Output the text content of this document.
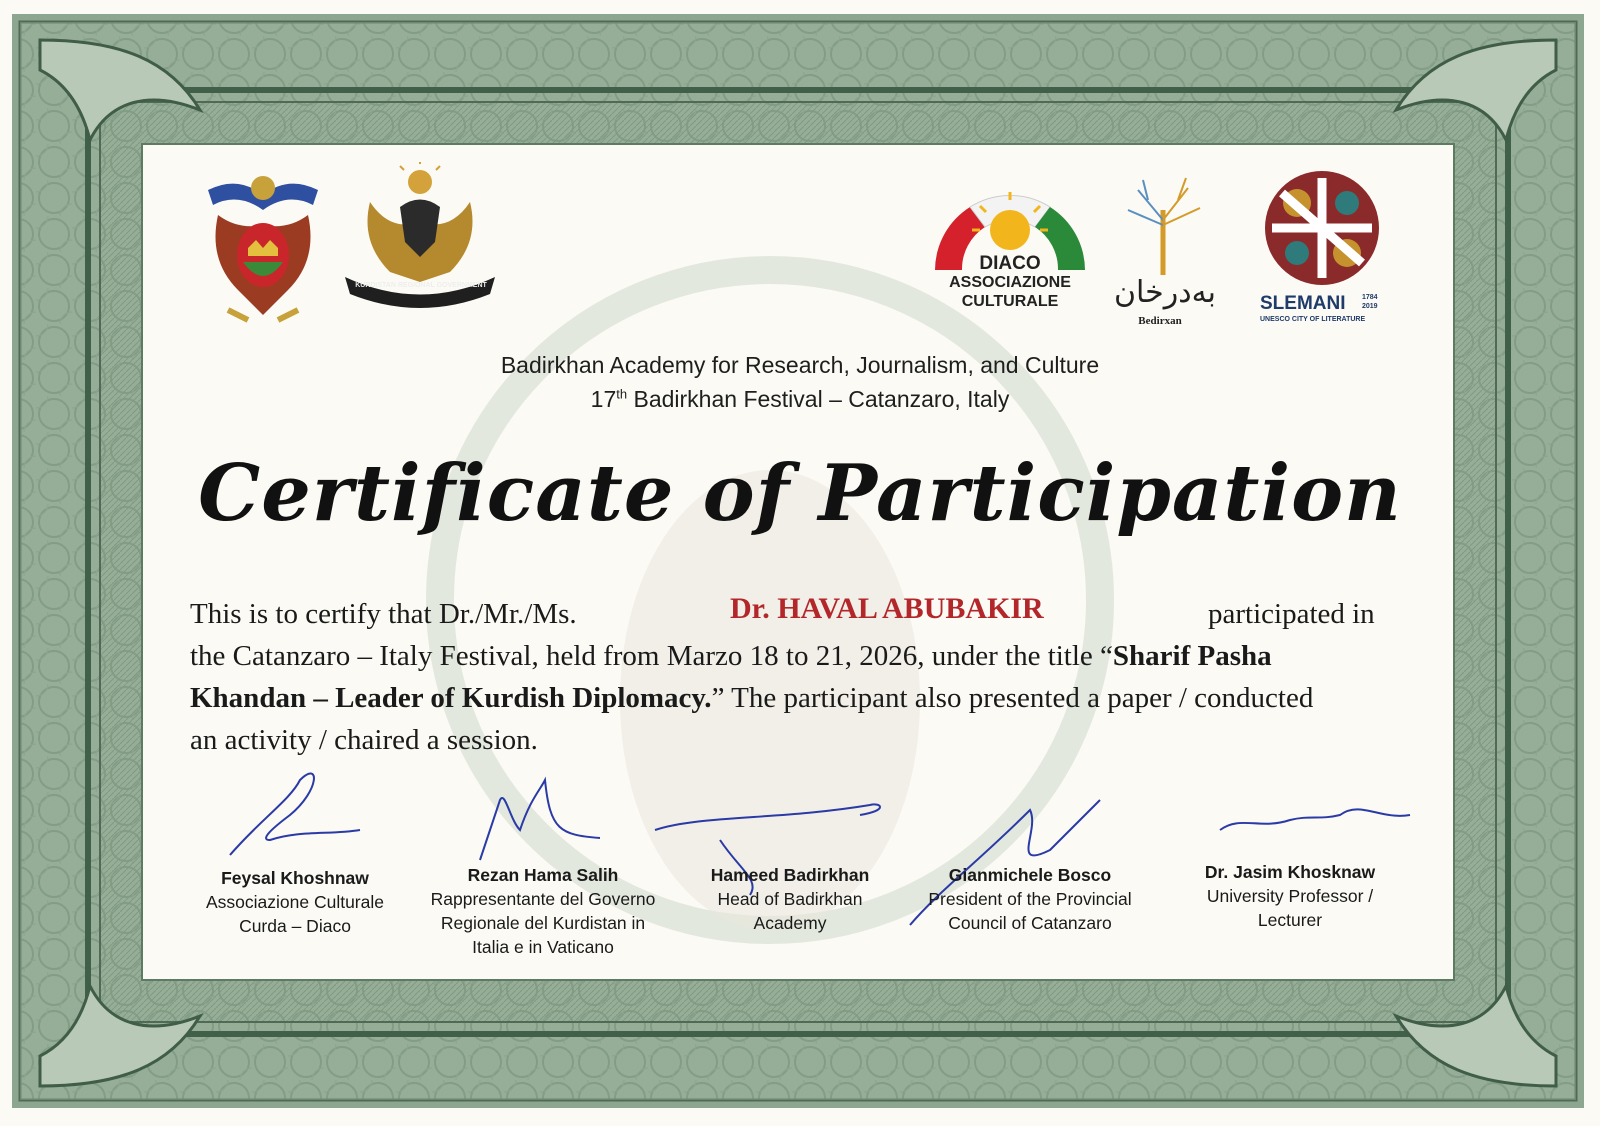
KURDISTAN REGIONAL GOVERNMENT
DIACO
ASSOCIAZIONE
CULTURALE	بەدرخان
Bedirxan
SLEMANI 1784
2019
UNESCO CITY OF LITERATURE
Badirkhan Academy for Research, Journalism, and Culture
17th Badirkhan Festival – Catanzaro, Italy
Certificate of Participation
This is to certify that Dr./Mr./Ms.	Dr. HAVAL ABUBAKIR	participated in
the Catanzaro – Italy Festival, held from Marzo 18 to 21, 2026, under the title “Sharif Pasha
Khandan – Leader of Kurdish Diplomacy.” The participant also presented a paper / conducted
an activity / chaired a session.
Feysal Khoshnaw
Associazione Culturale
Curda – Diaco
Rezan Hama Salih
Rappresentante del Governo
Regionale del Kurdistan in
Italia e in Vaticano
Hameed Badirkhan
Head of Badirkhan
Academy
Gianmichele Bosco
President of the Provincial
Council of Catanzaro
Dr. Jasim Khosknaw
University Professor /
Lecturer
